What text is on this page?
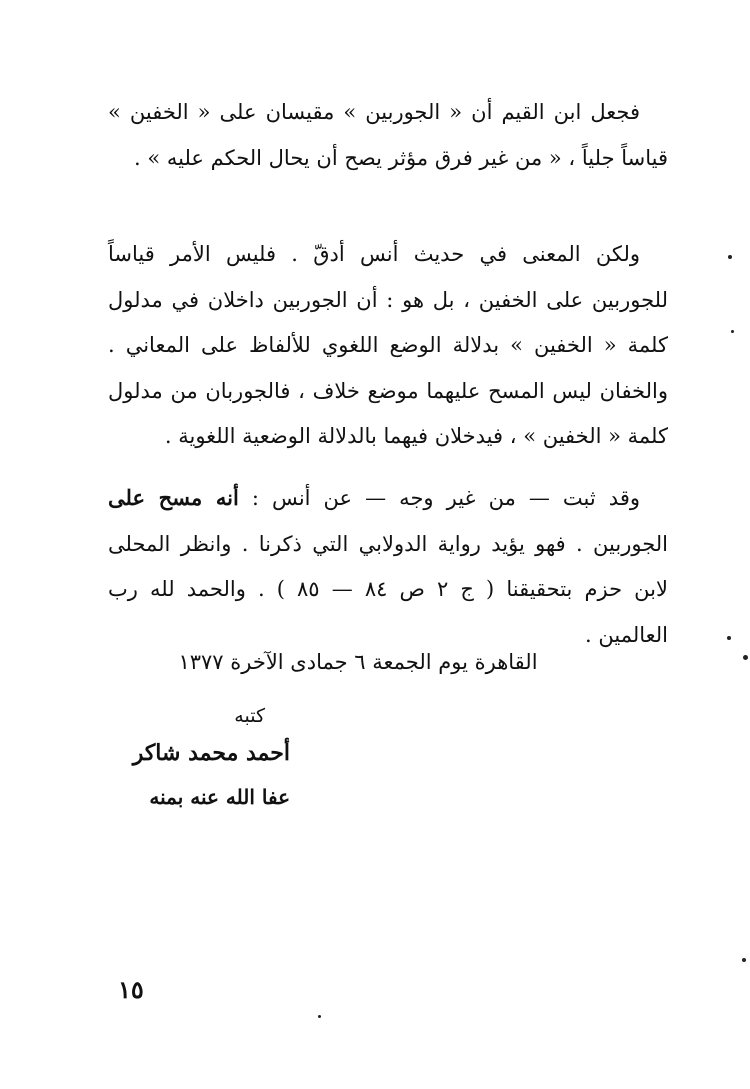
فجعل ابن القيم أن « الجوربين » مقيسان على « الخفين » قياساً جلياً ، « من غير فرق مؤثر يصح أن يحال الحكم عليه » .

ولكن المعنى في حديث أنس أدقّ . فليس الأمر قياساً للجوربين على الخفين ، بل هو : أن الجوربين داخلان في مدلول كلمة « الخفين » بدلالة الوضع اللغوي للألفاظ على المعاني . والخفان ليس المسح عليهما موضع خلاف ، فالجوربان من مدلول كلمة « الخفين » ، فيدخلان فيهما بالدلالة الوضعية اللغوية .

وقد ثبت — من غير وجه — عن أنس : أنه مسح على الجوربين . فهو يؤيد رواية الدولابي التي ذكرنا . وانظر المحلى لابن حزم بتحقيقنا ( ج ٢ ص ٨٤ — ٨٥ ) . والحمد لله رب العالمين .

القاهرة يوم الجمعة ٦ جمادى الآخرة ١٣٧٧
كتبه
أحمد محمد شاكر
عفا الله عنه بمنه
١٥
